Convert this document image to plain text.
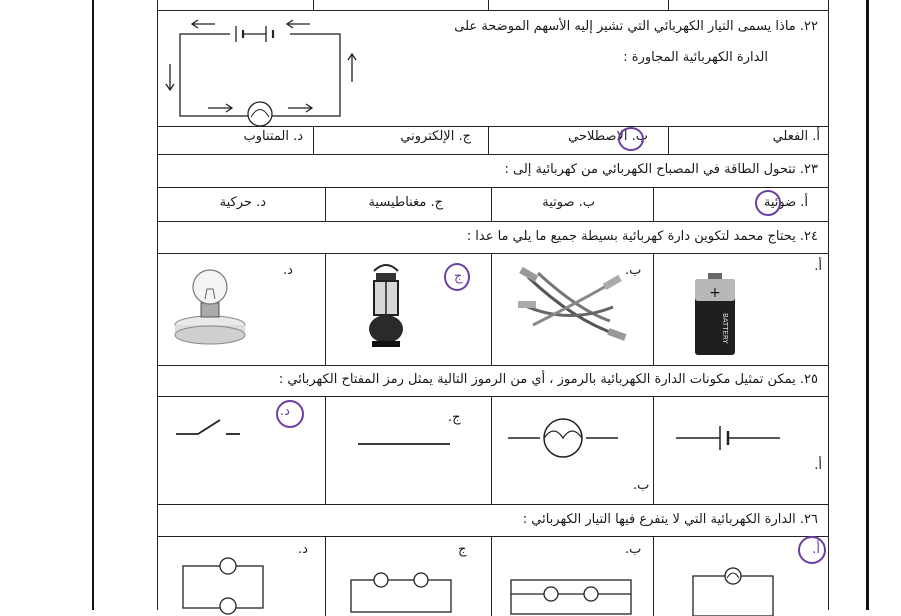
٢٢. ماذا يسمى التيار الكهربائي التي تشير إليه الأسهم الموضحة على
الدارة الكهربائية المجاورة :
أ. الفعلي
ب. الاصطلاحي
ج. الإلكتروني
د. المتناوب
٢٣. تتحول الطاقة في المصباح الكهربائي من كهربائية إلى :
أ. ضوئية
ب. صوتية
ج. مغناطيسية
د. حركية
٢٤. يحتاج محمد لتكوين دارة كهربائية بسيطة جميع ما يلي ما عدا :
أ.
ب.
ج
د.
+
BATTERY
٢٥. يمكن تمثيل مكونات الدارة الكهربائية بالرموز ، أي من الرموز التالية يمثل رمز المفتاح الكهربائي :
أ.
ب.
ج.
د.
٢٦. الدارة الكهربائية التي لا يتفرع فيها التيار الكهربائي :
أ.
ب.
ج
د.
